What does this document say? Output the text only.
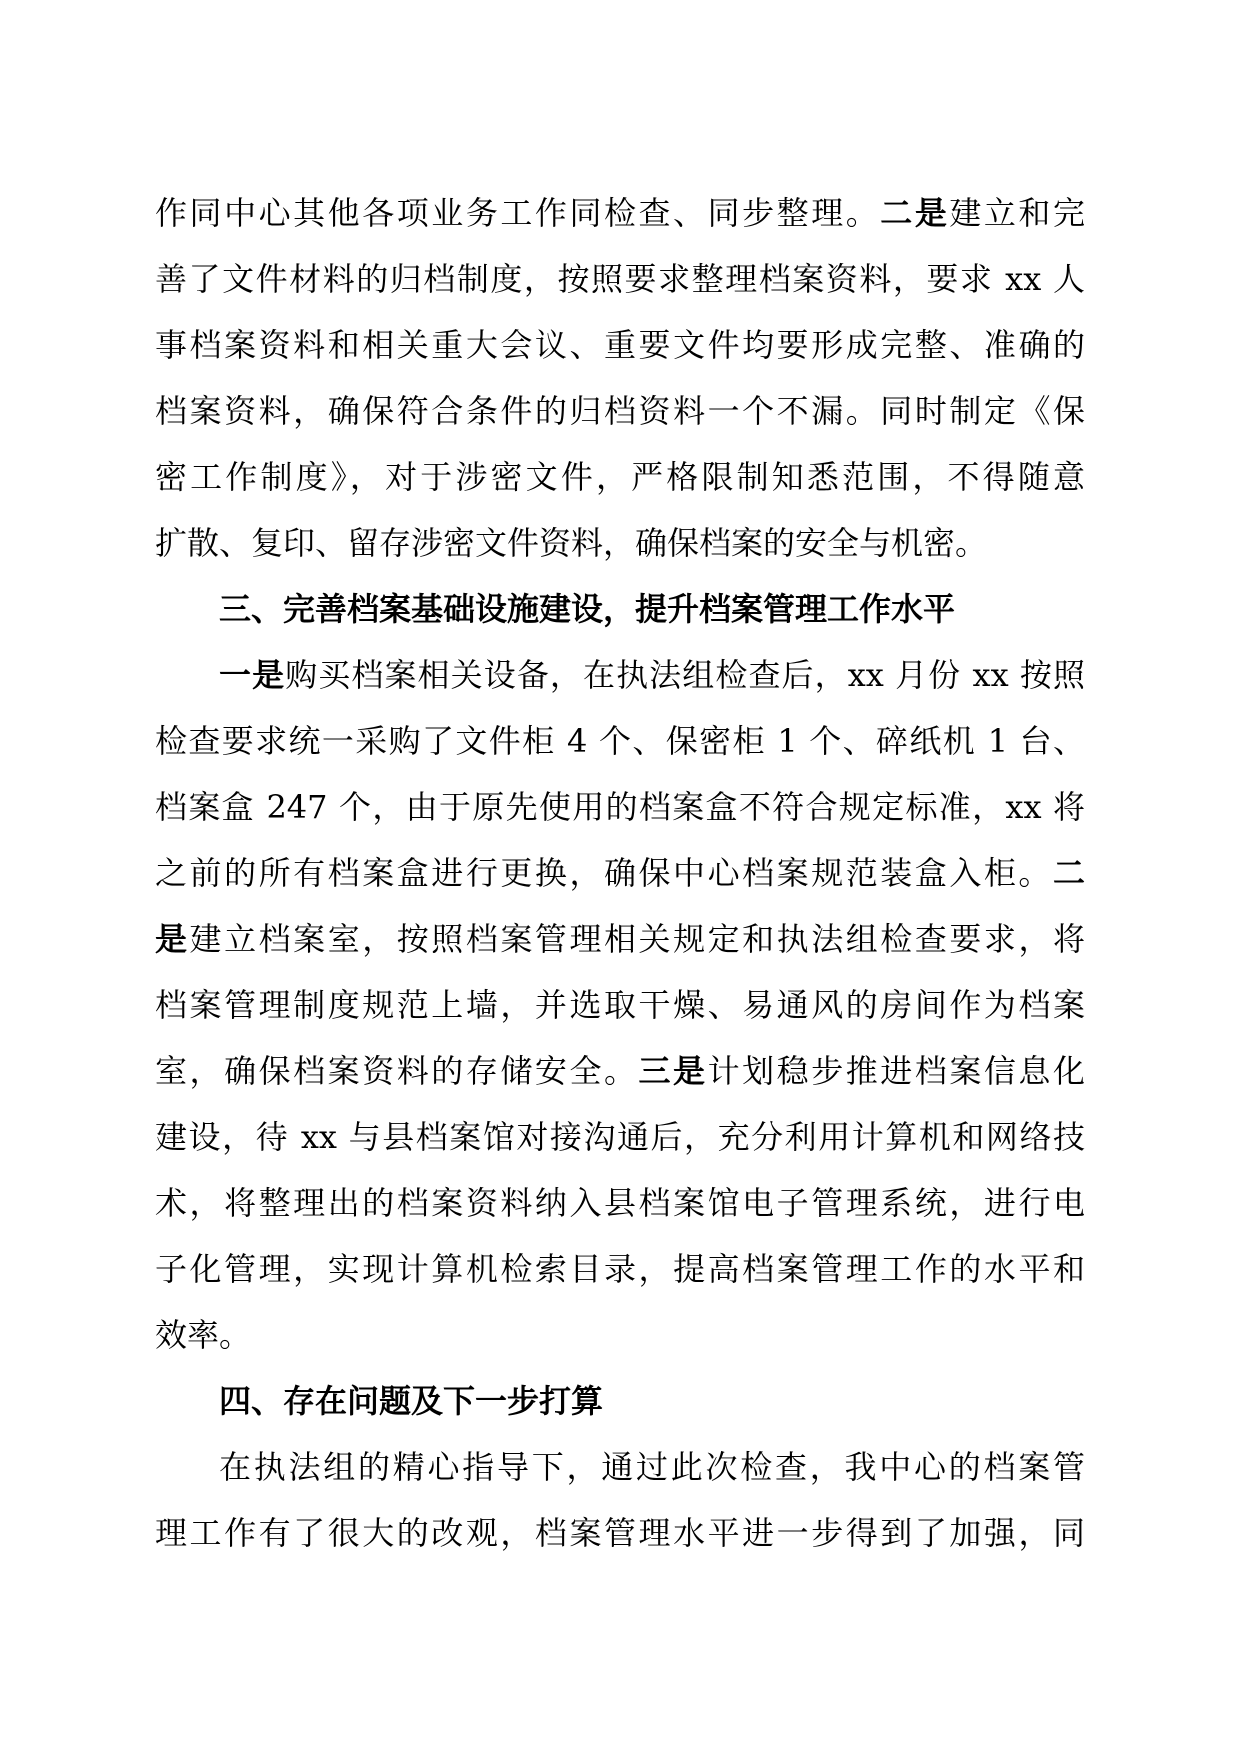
作同中心其他各项业务工作同检查、同步整理。二是建立和完
善了文件材料的归档制度，按照要求整理档案资料，要求 xx 人
事档案资料和相关重大会议、重要文件均要形成完整、准确的
档案资料，确保符合条件的归档资料一个不漏。同时制定《保
密工作制度》，对于涉密文件，严格限制知悉范围，不得随意
扩散、复印、留存涉密文件资料，确保档案的安全与机密。
三、完善档案基础设施建设，提升档案管理工作水平
一是购买档案相关设备，在执法组检查后，xx 月份 xx 按照
检查要求统一采购了文件柜 4 个、保密柜 1 个、碎纸机 1 台、
档案盒 247 个，由于原先使用的档案盒不符合规定标准，xx 将
之前的所有档案盒进行更换，确保中心档案规范装盒入柜。二
是建立档案室，按照档案管理相关规定和执法组检查要求，将
档案管理制度规范上墙，并选取干燥、易通风的房间作为档案
室，确保档案资料的存储安全。三是计划稳步推进档案信息化
建设，待 xx 与县档案馆对接沟通后，充分利用计算机和网络技
术，将整理出的档案资料纳入县档案馆电子管理系统，进行电
子化管理，实现计算机检索目录，提高档案管理工作的水平和
效率。
四、存在问题及下一步打算
在执法组的精心指导下，通过此次检查，我中心的档案管
理工作有了很大的改观，档案管理水平进一步得到了加强，同
